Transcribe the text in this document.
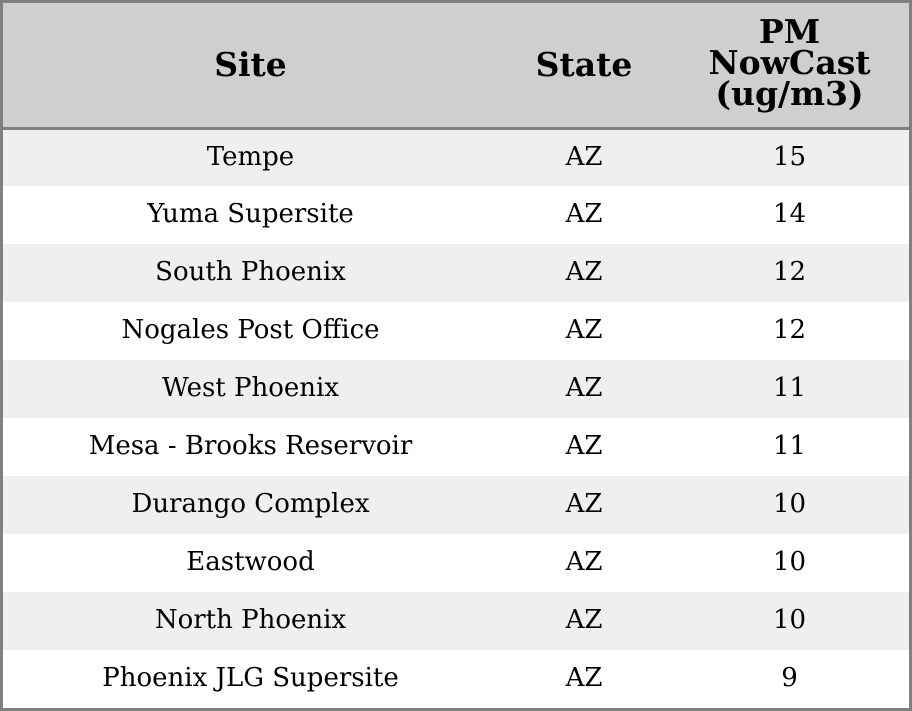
Site	State	PM
NowCast
(ug/m3)
Tempe	AZ	15
Yuma Supersite	AZ	14
South Phoenix	AZ	12
Nogales Post Office	AZ	12
West Phoenix	AZ	11
Mesa - Brooks Reservoir	AZ	11
Durango Complex	AZ	10
Eastwood	AZ	10
North Phoenix	AZ	10
Phoenix JLG Supersite	AZ	9
